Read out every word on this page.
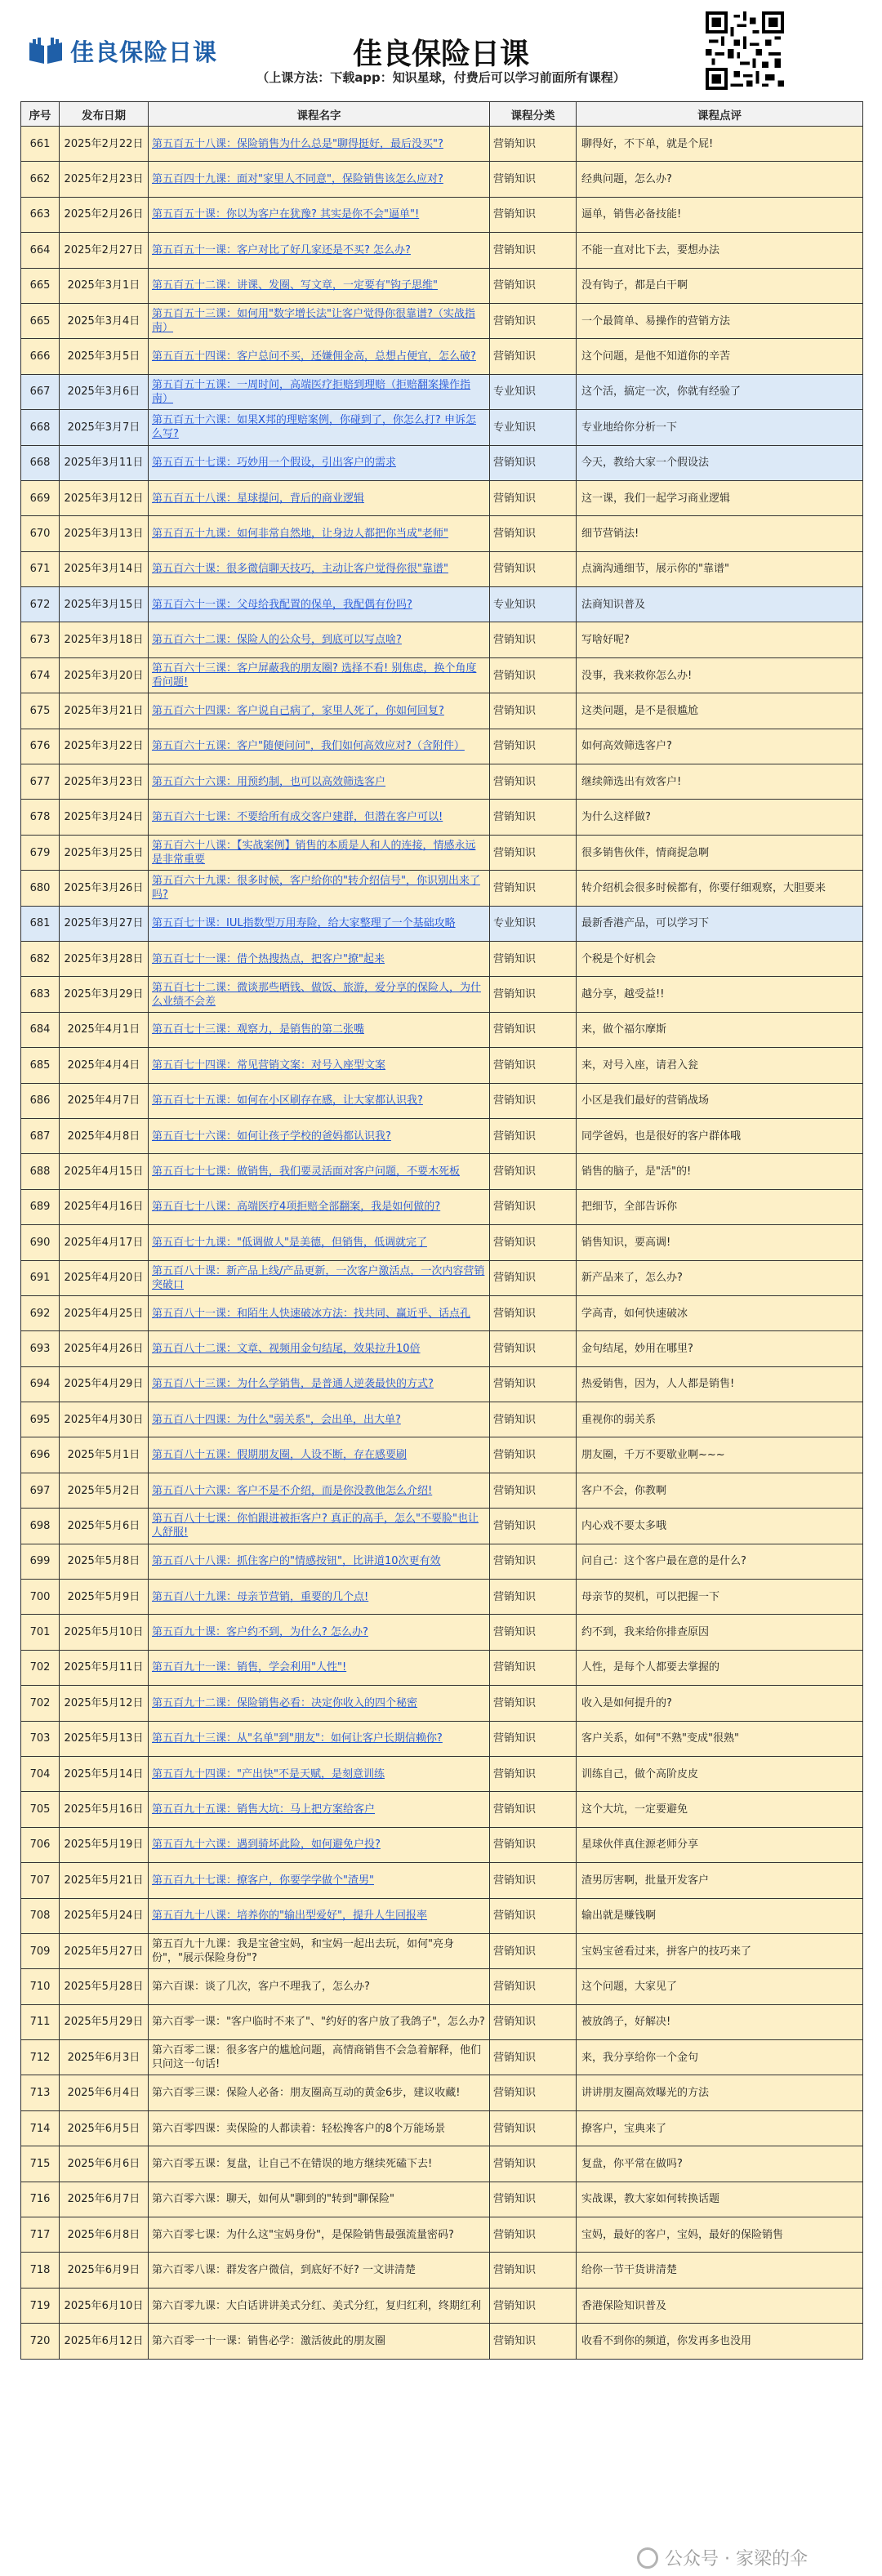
佳良保险日课	佳良保险日课
（上课方法：下载app：知识星球，付费后可以学习前面所有课程）
序号	发布日期	课程名字	课程分类	课程点评
661	2025年2月22日	第五百五十八课：保险销售为什么总是"聊得挺好，最后没买"?	营销知识	聊得好，不下单，就是个屁!
662	2025年2月23日	第五百四十九课：面对"家里人不同意"，保险销售该怎么应对?	营销知识	经典问题，怎么办?
663	2025年2月26日	第五百五十课：你以为客户在犹豫? 其实是你不会"逼单"!	营销知识	逼单，销售必备技能!
664	2025年2月27日	第五百五十一课：客户对比了好几家还是不买? 怎么办?	营销知识	不能一直对比下去，要想办法
665	2025年3月1日	第五百五十二课：讲课、发圈、写文章，一定要有"钩子思维"	营销知识	没有钩子，都是白干啊
665	2025年3月4日	第五百五十三课：如何用"数字增长法"让客户觉得你很靠谱?（实战指南）	营销知识	一个最简单、易操作的营销方法
666	2025年3月5日	第五百五十四课：客户总问不买，还嫌佣金高，总想占便宜，怎么破?	营销知识	这个问题，是他不知道你的辛苦
667	2025年3月6日	第五百五十五课：一周时间，高端医疗拒赔到理赔（拒赔翻案操作指南）	专业知识	这个活，搞定一次，你就有经验了
668	2025年3月7日	第五百五十六课：如果X邦的理赔案例，你碰到了，你怎么打? 申诉怎么写?	专业知识	专业地给你分析一下
668	2025年3月11日	第五百五十七课：巧妙用一个假设，引出客户的需求	营销知识	今天，教给大家一个假设法
669	2025年3月12日	第五百五十八课：星球提问，背后的商业逻辑	营销知识	这一课，我们一起学习商业逻辑
670	2025年3月13日	第五百五十九课：如何非常自然地，让身边人都把你当成"老师"	营销知识	细节营销法!
671	2025年3月14日	第五百六十课：很多微信聊天技巧，主动让客户觉得你很"靠谱"	营销知识	点滴沟通细节，展示你的"靠谱"
672	2025年3月15日	第五百六十一课：父母给我配置的保单，我配偶有份吗?	专业知识	法商知识普及
673	2025年3月18日	第五百六十二课：保险人的公众号，到底可以写点啥?	营销知识	写啥好呢?
674	2025年3月20日	第五百六十三课：客户屏蔽我的朋友圈? 选择不看! 别焦虑，换个角度看问题!	营销知识	没事，我来救你怎么办!
675	2025年3月21日	第五百六十四课：客户说自己病了，家里人死了，你如何回复?	营销知识	这类问题，是不是很尴尬
676	2025年3月22日	第五百六十五课：客户"随便问问"，我们如何高效应对?（含附件）	营销知识	如何高效筛选客户?
677	2025年3月23日	第五百六十六课：用预约制，也可以高效筛选客户	营销知识	继续筛选出有效客户!
678	2025年3月24日	第五百六十七课：不要给所有成交客户建群，但潜在客户可以!	营销知识	为什么这样做?
679	2025年3月25日	第五百六十八课：【实战案例】销售的本质是人和人的连接，情感永远是非常重要	营销知识	很多销售伙伴，情商捉急啊
680	2025年3月26日	第五百六十九课：很多时候，客户给你的"转介绍信号"，你识别出来了吗?	营销知识	转介绍机会很多时候都有，你要仔细观察，大胆要来
681	2025年3月27日	第五百七十课：IUL指数型万用寿险，给大家整理了一个基础攻略	专业知识	最新香港产品，可以学习下
682	2025年3月28日	第五百七十一课：借个热搜热点，把客户"撩"起来	营销知识	个税是个好机会
683	2025年3月29日	第五百七十二课：微谈那些晒钱、做饭、旅游，爱分享的保险人，为什么业绩不会差	营销知识	越分享，越受益!!
684	2025年4月1日	第五百七十三课：观察力，是销售的第二张嘴	营销知识	来，做个福尔摩斯
685	2025年4月4日	第五百七十四课：常见营销文案：对号入座型文案	营销知识	来，对号入座，请君入瓮
686	2025年4月7日	第五百七十五课：如何在小区刷存在感，让大家都认识我?	营销知识	小区是我们最好的营销战场
687	2025年4月8日	第五百七十六课：如何让孩子学校的爸妈都认识我?	营销知识	同学爸妈，也是很好的客户群体哦
688	2025年4月15日	第五百七十七课：做销售，我们要灵活面对客户问题，不要木死板	营销知识	销售的脑子，是"活"的!
689	2025年4月16日	第五百七十八课：高端医疗4项拒赔全部翻案，我是如何做的?	营销知识	把细节，全部告诉你
690	2025年4月17日	第五百七十九课："低调做人"是美德，但销售，低调就完了	营销知识	销售知识，要高调!
691	2025年4月20日	第五百八十课：新产品上线/产品更新，一次客户激活点，一次内容营销突破口	营销知识	新产品来了，怎么办?
692	2025年4月25日	第五百八十一课：和陌生人快速破冰方法：找共同、赢近乎、话点孔	营销知识	学高青，如何快速破冰
693	2025年4月26日	第五百八十二课：文章、视频用金句结尾，效果拉升10倍	营销知识	金句结尾，妙用在哪里?
694	2025年4月29日	第五百八十三课：为什么学销售，是普通人逆袭最快的方式?	营销知识	热爱销售，因为，人人都是销售!
695	2025年4月30日	第五百八十四课：为什么"弱关系"，会出单，出大单?	营销知识	重视你的弱关系
696	2025年5月1日	第五百八十五课：假期朋友圈，人设不断，存在感要刷	营销知识	朋友圈，千万不要歇业啊~~~
697	2025年5月2日	第五百八十六课：客户不是不介绍，而是你没教他怎么介绍!	营销知识	客户不会，你教啊
698	2025年5月6日	第五百八十七课：你怕跟进被拒客户? 真正的高手，怎么"不要脸"也让人舒服!	营销知识	内心戏不要太多哦
699	2025年5月8日	第五百八十八课：抓住客户的"情感按钮"，比讲道10次更有效	营销知识	问自己：这个客户最在意的是什么?
700	2025年5月9日	第五百八十九课：母亲节营销，重要的几个点!	营销知识	母亲节的契机，可以把握一下
701	2025年5月10日	第五百九十课：客户约不到，为什么? 怎么办?	营销知识	约不到，我来给你排查原因
702	2025年5月11日	第五百九十一课：销售，学会利用"人性"!	营销知识	人性，是每个人都要去掌握的
702	2025年5月12日	第五百九十二课：保险销售必看：决定你收入的四个秘密	营销知识	收入是如何提升的?
703	2025年5月13日	第五百九十三课：从"名单"到"朋友"：如何让客户长期信赖你?	营销知识	客户关系，如何"不熟"变成"很熟"
704	2025年5月14日	第五百九十四课："产出快"不是天赋，是刻意训练	营销知识	训练自己，做个高阶皮皮
705	2025年5月16日	第五百九十五课：销售大坑：马上把方案给客户	营销知识	这个大坑，一定要避免
706	2025年5月19日	第五百九十六课：遇到骑坏此险，如何避免户投?	营销知识	星球伙伴真住源老师分享
707	2025年5月21日	第五百九十七课：撩客户，你要学学做个"渣男"	营销知识	渣男厉害啊，批量开发客户
708	2025年5月24日	第五百九十八课：培养你的"输出型爱好"，提升人生回报率	营销知识	输出就是赚钱啊
709	2025年5月27日	第五百九十九课：我是宝爸宝妈，和宝妈一起出去玩，如何"亮身份"，"展示保险身份"?	营销知识	宝妈宝爸看过来，拼客户的技巧来了
710	2025年5月28日	第六百课：谈了几次，客户不理我了，怎么办?	营销知识	这个问题，大家见了
711	2025年5月29日	第六百零一课："客户临时不来了"、"约好的客户放了我鸽子"，怎么办?	营销知识	被放鸽子，好解决!
712	2025年6月3日	第六百零二课：很多客户的尴尬问题，高情商销售不会急着解释，他们只问这一句话!	营销知识	来，我分享给你一个金句
713	2025年6月4日	第六百零三课：保险人必备：朋友圈高互动的黄金6步，建议收藏!	营销知识	讲讲朋友圈高效曝光的方法
714	2025年6月5日	第六百零四课：卖保险的人都读着：轻松搀客户的8个万能场景	营销知识	撩客户，宝典来了
715	2025年6月6日	第六百零五课：复盘，让自己不在错误的地方继续死磕下去!	营销知识	复盘，你平常在做吗?
716	2025年6月7日	第六百零六课：聊天，如何从"聊到的"转到"聊保险"	营销知识	实战课，教大家如何转换话题
717	2025年6月8日	第六百零七课：为什么这"宝妈身份"，是保险销售最强流量密码?	营销知识	宝妈，最好的客户，宝妈，最好的保险销售
718	2025年6月9日	第六百零八课：群发客户微信，到底好不好? 一文讲清楚	营销知识	给你一节干货讲清楚
719	2025年6月10日	第六百零九课：大白话讲讲美式分红、美式分红，复归红利，终期红利	营销知识	香港保险知识普及
720	2025年6月12日	第六百零一十一课：销售必学：激活彼此的朋友圈	营销知识	收看不到你的频道，你发再多也没用
公众号 · 家梁的伞
